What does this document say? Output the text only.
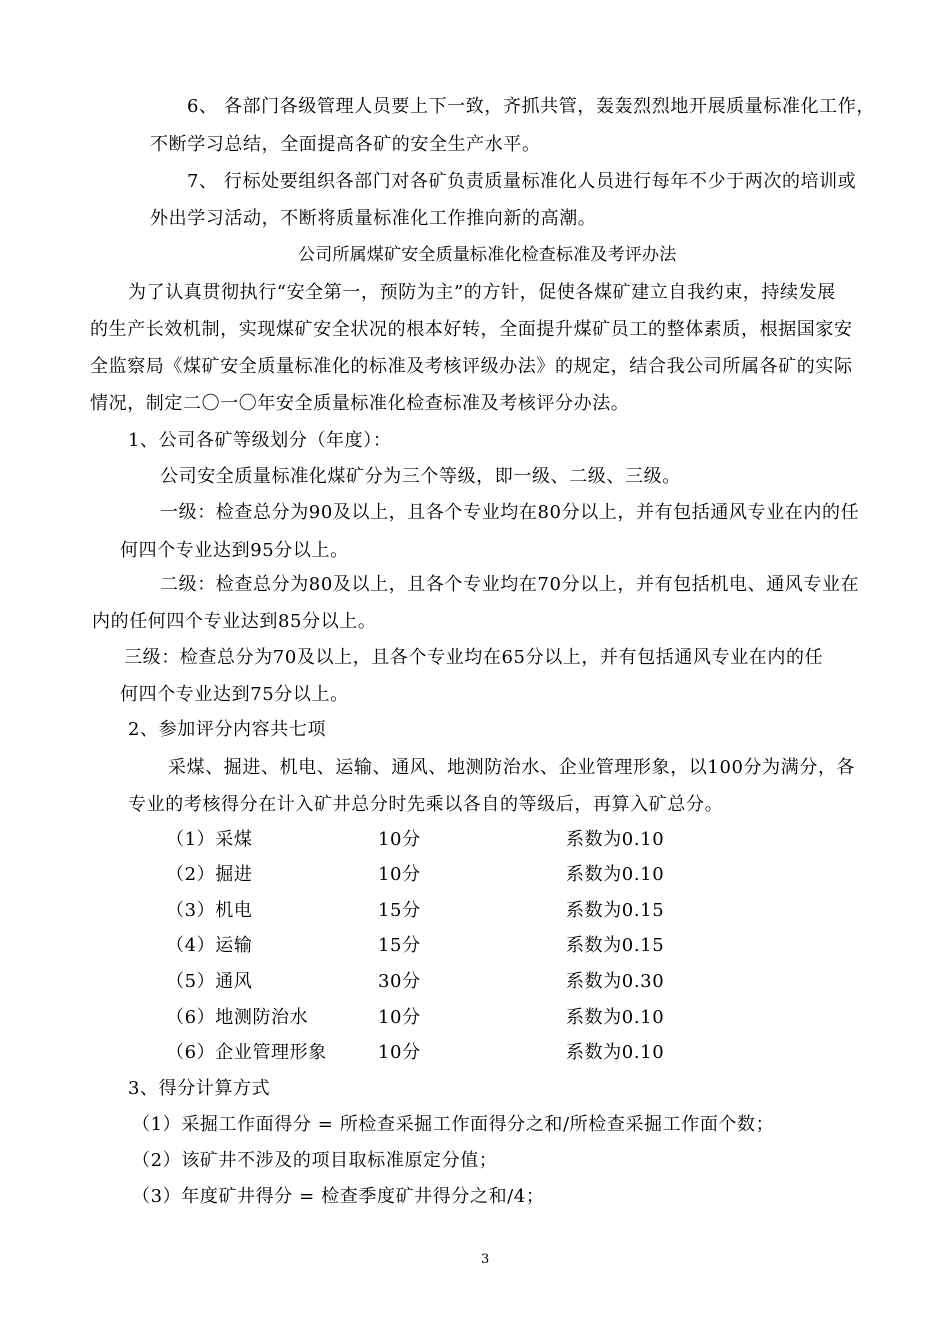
6、 各部门各级管理人员要上下一致，齐抓共管，轰轰烈烈地开展质量标准化工作，
不断学习总结，全面提高各矿的安全生产水平。
7、 行标处要组织各部门对各矿负责质量标准化人员进行每年不少于两次的培训或
外出学习活动，不断将质量标准化工作推向新的高潮。
公司所属煤矿安全质量标准化检查标准及考评办法
为了认真贯彻执行“安全第一，预防为主”的方针，促使各煤矿建立自我约束，持续发展
的生产长效机制，实现煤矿安全状况的根本好转，全面提升煤矿员工的整体素质，根据国家安
全监察局《煤矿安全质量标准化的标准及考核评级办法》的规定，结合我公司所属各矿的实际
情况，制定二〇一〇年安全质量标准化检查标准及考核评分办法。
1、公司各矿等级划分（年度）：
公司安全质量标准化煤矿分为三个等级，即一级、二级、三级。
一级：检查总分为90及以上，且各个专业均在80分以上，并有包括通风专业在内的任
何四个专业达到95分以上。
二级：检查总分为80及以上，且各个专业均在70分以上，并有包括机电、通风专业在
内的任何四个专业达到85分以上。
三级：检查总分为70及以上，且各个专业均在65分以上，并有包括通风专业在内的任
何四个专业达到75分以上。
2、参加评分内容共七项
采煤、掘进、机电、运输、通风、地测防治水、企业管理形象，以100分为满分，各
专业的考核得分在计入矿井总分时先乘以各自的等级后，再算入矿总分。
（1）采煤	10分	系数为0.10
（2）掘进	10分	系数为0.10
（3）机电	15分	系数为0.15
（4）运输	15分	系数为0.15
（5）通风	30分	系数为0.30
（6）地测防治水	10分	系数为0.10
（6）企业管理形象	10分	系数为0.10
3、得分计算方式
（1）采掘工作面得分 = 所检查采掘工作面得分之和/所检查采掘工作面个数；
（2）该矿井不涉及的项目取标准原定分值；
（3）年度矿井得分 = 检查季度矿井得分之和/4；
3
